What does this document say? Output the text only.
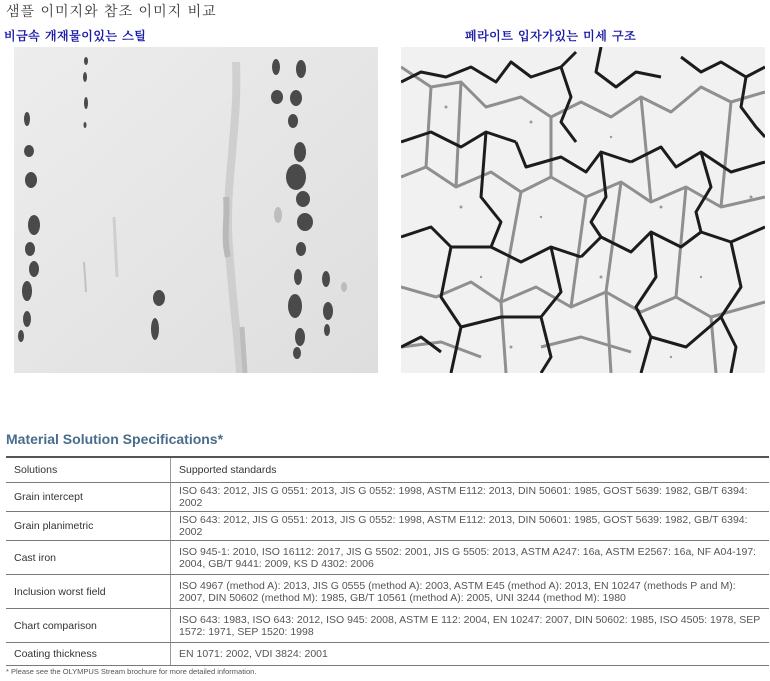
샘플 이미지와 참조 이미지 비교
비금속 개재물이있는 스틸	페라이트 입자가있는 미세 구조
Material Solution Specifications*
Solutions	Supported standards
Grain intercept	ISO 643: 2012, JIS G 0551: 2013, JIS G 0552: 1998, ASTM E112: 2013, DIN 50601: 1985, GOST 5639: 1982, GB/T 6394: 2002
Grain planimetric	ISO 643: 2012, JIS G 0551: 2013, JIS G 0552: 1998, ASTM E112: 2013, DIN 50601: 1985, GOST 5639: 1982, GB/T 6394: 2002
Cast iron	ISO 945-1: 2010, ISO 16112: 2017, JIS G 5502: 2001, JIS G 5505: 2013, ASTM A247: 16a, ASTM E2567: 16a, NF A04-197: 2004, GB/T 9441: 2009, KS D 4302: 2006
Inclusion worst field	ISO 4967 (method A): 2013, JIS G 0555 (method A): 2003, ASTM E45 (method A): 2013, EN 10247 (methods P and M): 2007, DIN 50602 (method M): 1985, GB/T 10561 (method A): 2005, UNI 3244 (method M): 1980
Chart comparison	ISO 643: 1983, ISO 643: 2012, ISO 945: 2008, ASTM E 112: 2004, EN 10247: 2007, DIN 50602: 1985, ISO 4505: 1978, SEP 1572: 1971, SEP 1520: 1998
Coating thickness	EN 1071: 2002, VDI 3824: 2001
* Please see the OLYMPUS Stream brochure for more detailed information.
